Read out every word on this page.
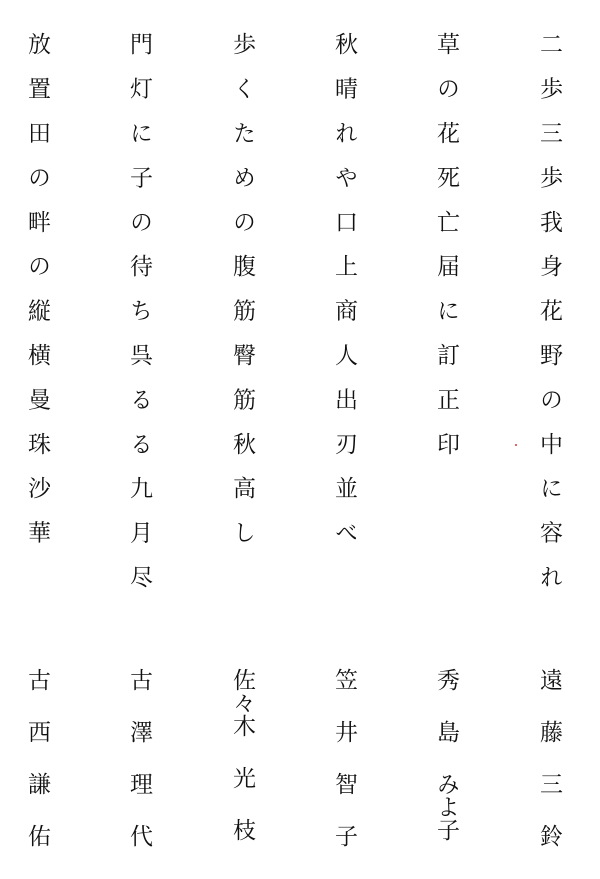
二歩三歩我身花野の中に容れ
草の花死亡届に訂正印
秋晴れや口上商人出刃並べ
歩くための腹筋臀筋秋高し
門灯に子の待ち呉るる九月尽
放置田の畔の縦横曼珠沙華
遠藤
三鈴
秀島
みよ子
笠井
智子
佐々木
光枝
古澤
理代
古西
謙佑
